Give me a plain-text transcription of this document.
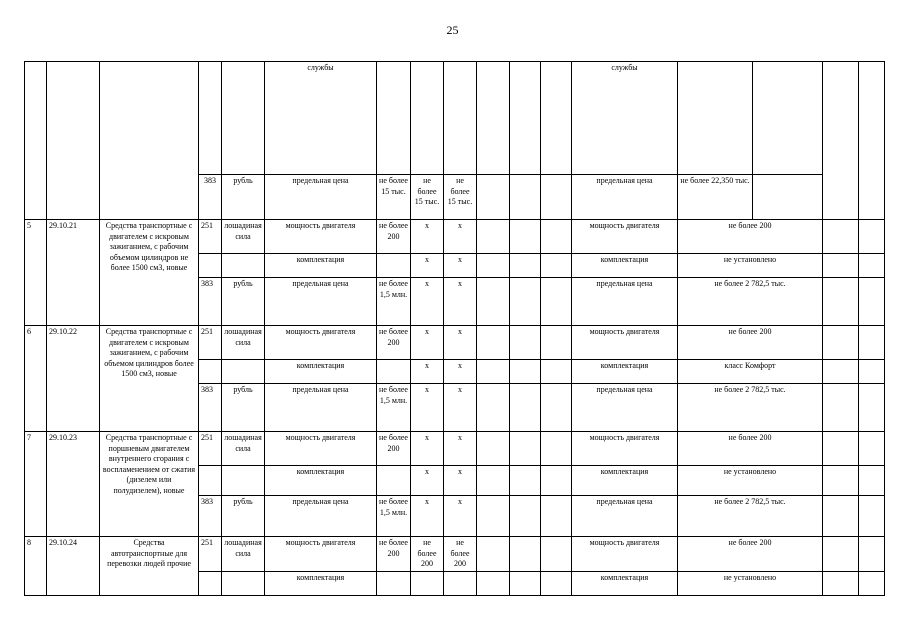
25
					службы							службы				
			383	рубль	предельная цена	не более 15 тыс.	не более 15 тыс.	не более 15 тыс.				предельная цена	не более 22,350 тыс.			
5	29.10.21	Средства транспортные с двигателем с искровым зажиганием, с рабочим объемом цилиндров не более 1500 см3, новые	251	лошадиная сила	мощность двигателя	не более 200	x	x				мощность двигателя	не более 200			
					комплектация		x	x				комплектация	не установлено			
			383	рубль	предельная цена	не более 1,5 млн.	x	x				предельная цена	не более 2 782,5 тыс.			
6	29.10.22	Средства транспортные с двигателем с искровым зажиганием, с рабочим объемом цилиндров более 1500 см3, новые	251	лошадиная сила	мощность двигателя	не более 200	x	x				мощность двигателя	не более 200			
					комплектация		x	x				комплектация	класс Комфорт			
			383	рубль	предельная цена	не более 1,5 млн.	x	x				предельная цена	не более 2 782,5 тыс.			
7	29.10.23	Средства транспортные с поршневым двигателем внутреннего сгорания с воспламенением от сжатия (дизелем или полудизелем), новые	251	лошадиная сила	мощность двигателя	не более 200	x	x				мощность двигателя	не более 200			
					комплектация		x	x				комплектация	не установлено			
			383	рубль	предельная цена	не более 1,5 млн.	x	x				предельная цена	не более 2 782,5 тыс.			
8	29.10.24	Средства автотранспортные для перевозки людей прочие	251	лошадиная сила	мощность двигателя	не более 200	не более 200	не более 200				мощность двигателя	не более 200			
					комплектация							комплектация	не установлено			
